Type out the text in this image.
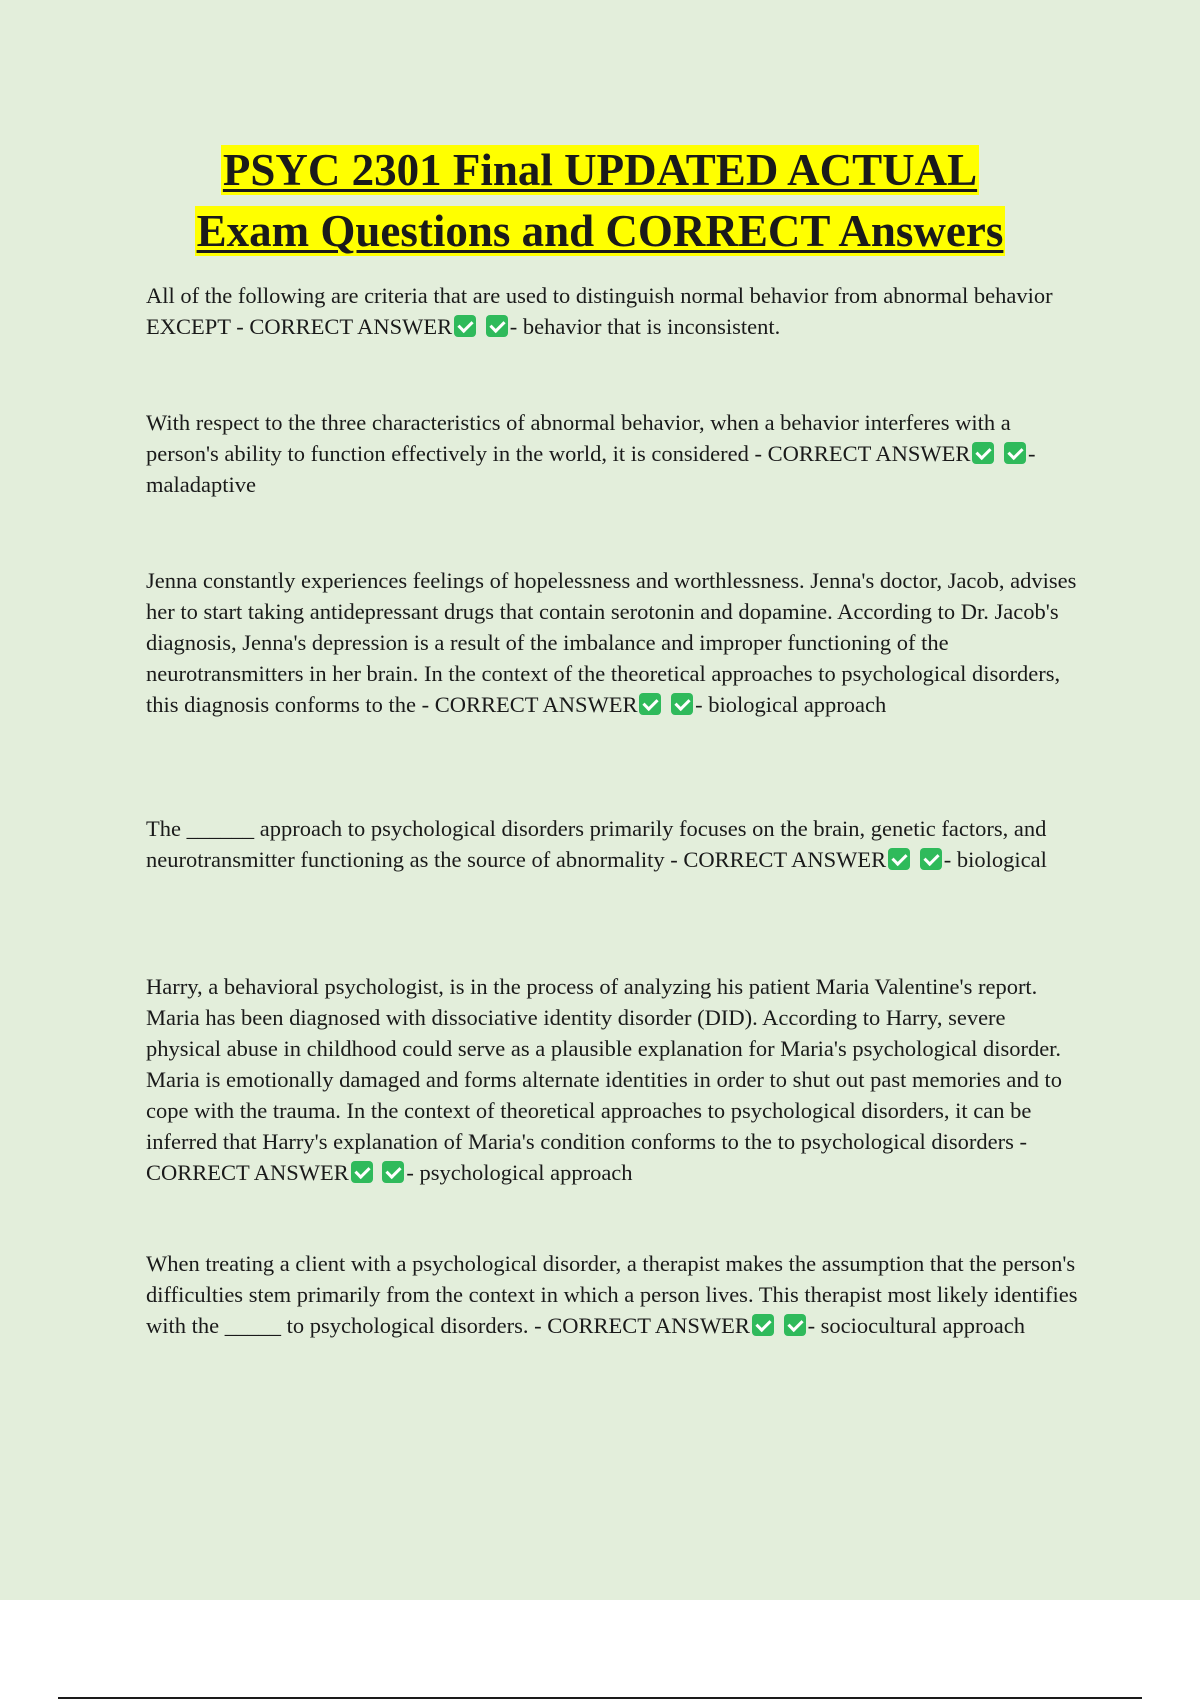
PSYC 2301 Final UPDATED ACTUAL
Exam Questions and CORRECT Answers

All of the following are criteria that are used to distinguish normal behavior from abnormal behavior EXCEPT - CORRECT ANSWER	- behavior that is inconsistent.

With respect to the three characteristics of abnormal behavior, when a behavior interferes with a person's ability to function effectively in the world, it is considered - CORRECT ANSWER	- maladaptive

Jenna constantly experiences feelings of hopelessness and worthlessness. Jenna's doctor, Jacob, advises her to start taking antidepressant drugs that contain serotonin and dopamine. According to Dr. Jacob's diagnosis, Jenna's depression is a result of the imbalance and improper functioning of the neurotransmitters in her brain. In the context of the theoretical approaches to psychological disorders, this diagnosis conforms to the - CORRECT ANSWER	- biological approach

The ______ approach to psychological disorders primarily focuses on the brain, genetic factors, and neurotransmitter functioning as the source of abnormality - CORRECT ANSWER	- biological

Harry, a behavioral psychologist, is in the process of analyzing his patient Maria Valentine's report. Maria has been diagnosed with dissociative identity disorder (DID). According to Harry, severe physical abuse in childhood could serve as a plausible explanation for Maria's psychological disorder. Maria is emotionally damaged and forms alternate identities in order to shut out past memories and to cope with the trauma. In the context of theoretical approaches to psychological disorders, it can be inferred that Harry's explanation of Maria's condition conforms to the to psychological disorders - CORRECT ANSWER	- psychological approach

When treating a client with a psychological disorder, a therapist makes the assumption that the person's difficulties stem primarily from the context in which a person lives. This therapist most likely identifies with the _____ to psychological disorders. - CORRECT ANSWER	- sociocultural approach
